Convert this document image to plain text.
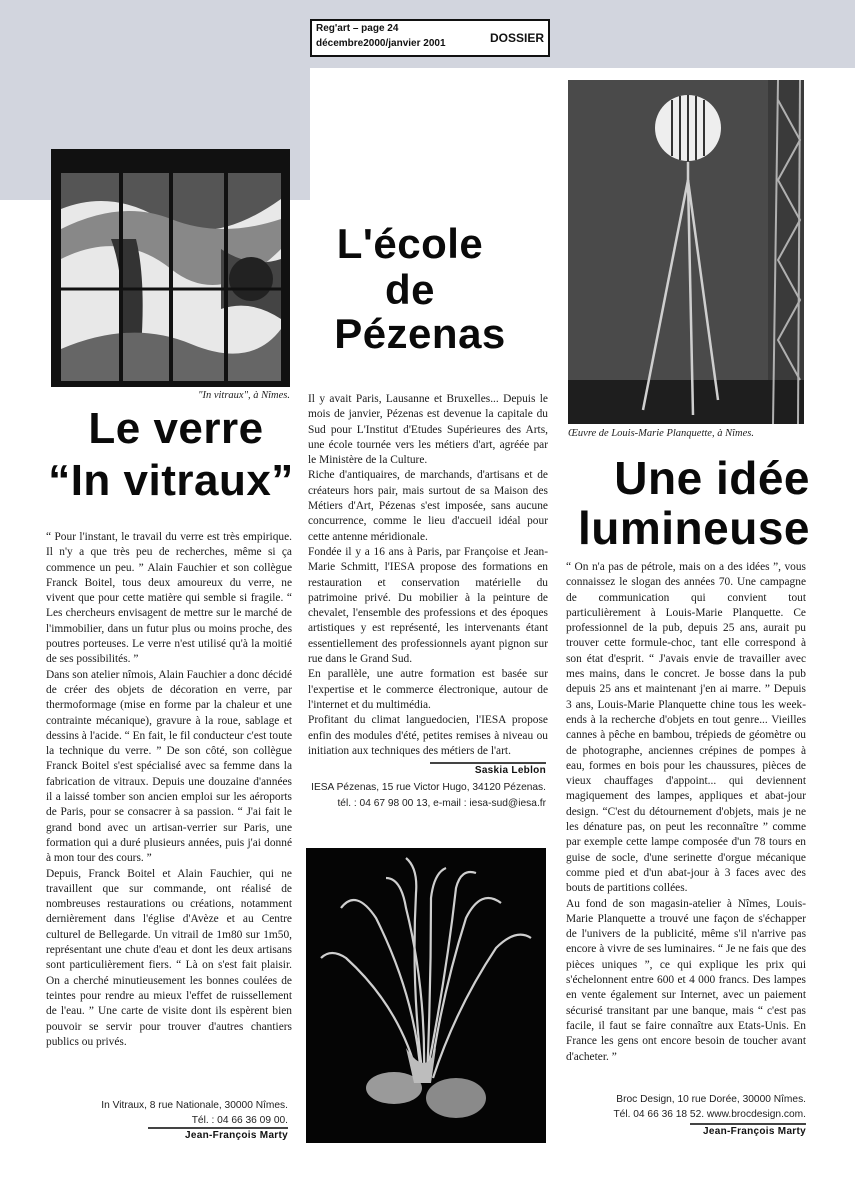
Reg'art – page 24
décembre2000/janvier 2001	DOSSIER
"In vitraux", à Nîmes.
Le verre
“In vitraux”

“ Pour l'instant, le travail du verre est très empirique. Il n'y a que très peu de recherches, même si ça commence un peu. ” Alain Fauchier et son collègue Franck Boitel, tous deux amoureux du verre, ne vivent que pour cette matière qui semble si fragile. “ Les chercheurs envisagent de mettre sur le marché de l'immobilier, dans un futur plus ou moins proche, des poutres porteuses. Le verre n'est utilisé qu'à la moitié de ses possibilités. ”

Dans son atelier nîmois, Alain Fauchier a donc décidé de créer des objets de décoration en verre, par thermoformage (mise en forme par la chaleur et une contrainte mécanique), gravure à la roue, sablage et dessins à l'acide. “ En fait, le fil conducteur c'est toute la technique du verre. ” De son côté, son collègue Franck Boitel s'est spécialisé avec sa femme dans la fabrication de vitraux. Depuis une douzaine d'années il a laissé tomber son ancien emploi sur les aéroports de Paris, pour se consacrer à sa passion. “ J'ai fait le grand bond avec un artisan-verrier sur Paris, une formation qui a duré plusieurs années, puis j'ai donné à mon tour des cours. ”

Depuis, Franck Boitel et Alain Fauchier, qui ne travaillent que sur commande, ont réalisé de nombreuses restaurations ou créations, notamment dernièrement dans l'église d'Avèze et au Centre culturel de Bellegarde. Un vitrail de 1m80 sur 1m50, représentant une chute d'eau et dont les deux artisans sont particulièrement fiers. “ Là on s'est fait plaisir. On a cherché minutieusement les bonnes coulées de teintes pour rendre au mieux l'effet de ruissellement de l'eau. ” Une carte de visite dont ils espèrent bien pouvoir se servir pour trouver d'autres chantiers publics ou privés.

In Vitraux, 8 rue Nationale, 30000 Nîmes.
Tél. : 04 66 36 09 00.
Jean-François Marty
L'école
de
Pézenas

Il y avait Paris, Lausanne et Bruxelles... Depuis le mois de janvier, Pézenas est devenue la capitale du Sud pour L'Institut d'Etudes Supérieures des Arts, une école tournée vers les métiers d'art, agréée par le Ministère de la Culture.

Riche d'antiquaires, de marchands, d'artisans et de créateurs hors pair, mais surtout de sa Maison des Métiers d'Art, Pézenas s'est imposée, sans aucune concurrence, comme le lieu d'accueil idéal pour cette antenne méridionale.

Fondée il y a 16 ans à Paris, par Françoise et Jean-Marie Schmitt, l'IESA propose des formations en restauration et conservation matérielle du patrimoine privé. Du mobilier à la peinture de chevalet, l'ensemble des professions et des époques artistiques y est représenté, les intervenants étant essentiellement des professionnels ayant pignon sur rue dans le Grand Sud.

En parallèle, une autre formation est basée sur l'expertise et le commerce électronique, autour de l'internet et du multimédia.

Profitant du climat languedocien, l'IESA propose enfin des modules d'été, petites remises à niveau ou initiation aux techniques des métiers de l'art.

Saskia Leblon
IESA Pézenas, 15 rue Victor Hugo, 34120 Pézenas.
tél. : 04 67 98 00 13, e-mail : iesa-sud@iesa.fr
Œuvre de Louis-Marie Planquette, à Nîmes.
Une idée
lumineuse

“ On n'a pas de pétrole, mais on a des idées ”, vous connaissez le slogan des années 70. Une campagne de communication qui convient tout particulièrement à Louis-Marie Planquette. Ce professionnel de la pub, depuis 25 ans, aurait pu trouver cette formule-choc, tant elle correspond à son état d'esprit. “ J'avais envie de travailler avec mes mains, dans le concret. Je bosse dans la pub depuis 25 ans et maintenant j'en ai marre. ” Depuis 3 ans, Louis-Marie Planquette chine tous les week-ends à la recherche d'objets en tout genre... Vieilles cannes à pêche en bambou, trépieds de géomètre ou de photographe, anciennes crépines de pompes à eau, formes en bois pour les chaussures, pièces de vieux chauffages d'appoint... qui deviennent magiquement des lampes, appliques et abat-jour design. “C'est du détournement d'objets, mais je ne les dénature pas, on peut les reconnaître ” comme par exemple cette lampe composée d'un 78 tours en guise de socle, d'une serinette d'orgue mécanique comme pied et d'un abat-jour à 3 faces avec des bouts de partitions collées.

Au fond de son magasin-atelier à Nîmes, Louis-Marie Planquette a trouvé une façon de s'échapper de l'univers de la publicité, même s'il n'arrive pas encore à vivre de ses luminaires. “ Je ne fais que des pièces uniques ”, ce qui explique les prix qui s'échelonnent entre 600 et 4 000 francs. Des lampes en vente également sur Internet, avec un paiement sécurisé transitant par une banque, mais “ c'est pas facile, il faut se faire connaître aux Etats-Unis. En France les gens ont encore besoin de toucher avant d'acheter. ”

Broc Design, 10 rue Dorée, 30000 Nîmes.
Tél. 04 66 36 18 52. www.brocdesign.com.
Jean-François Marty
